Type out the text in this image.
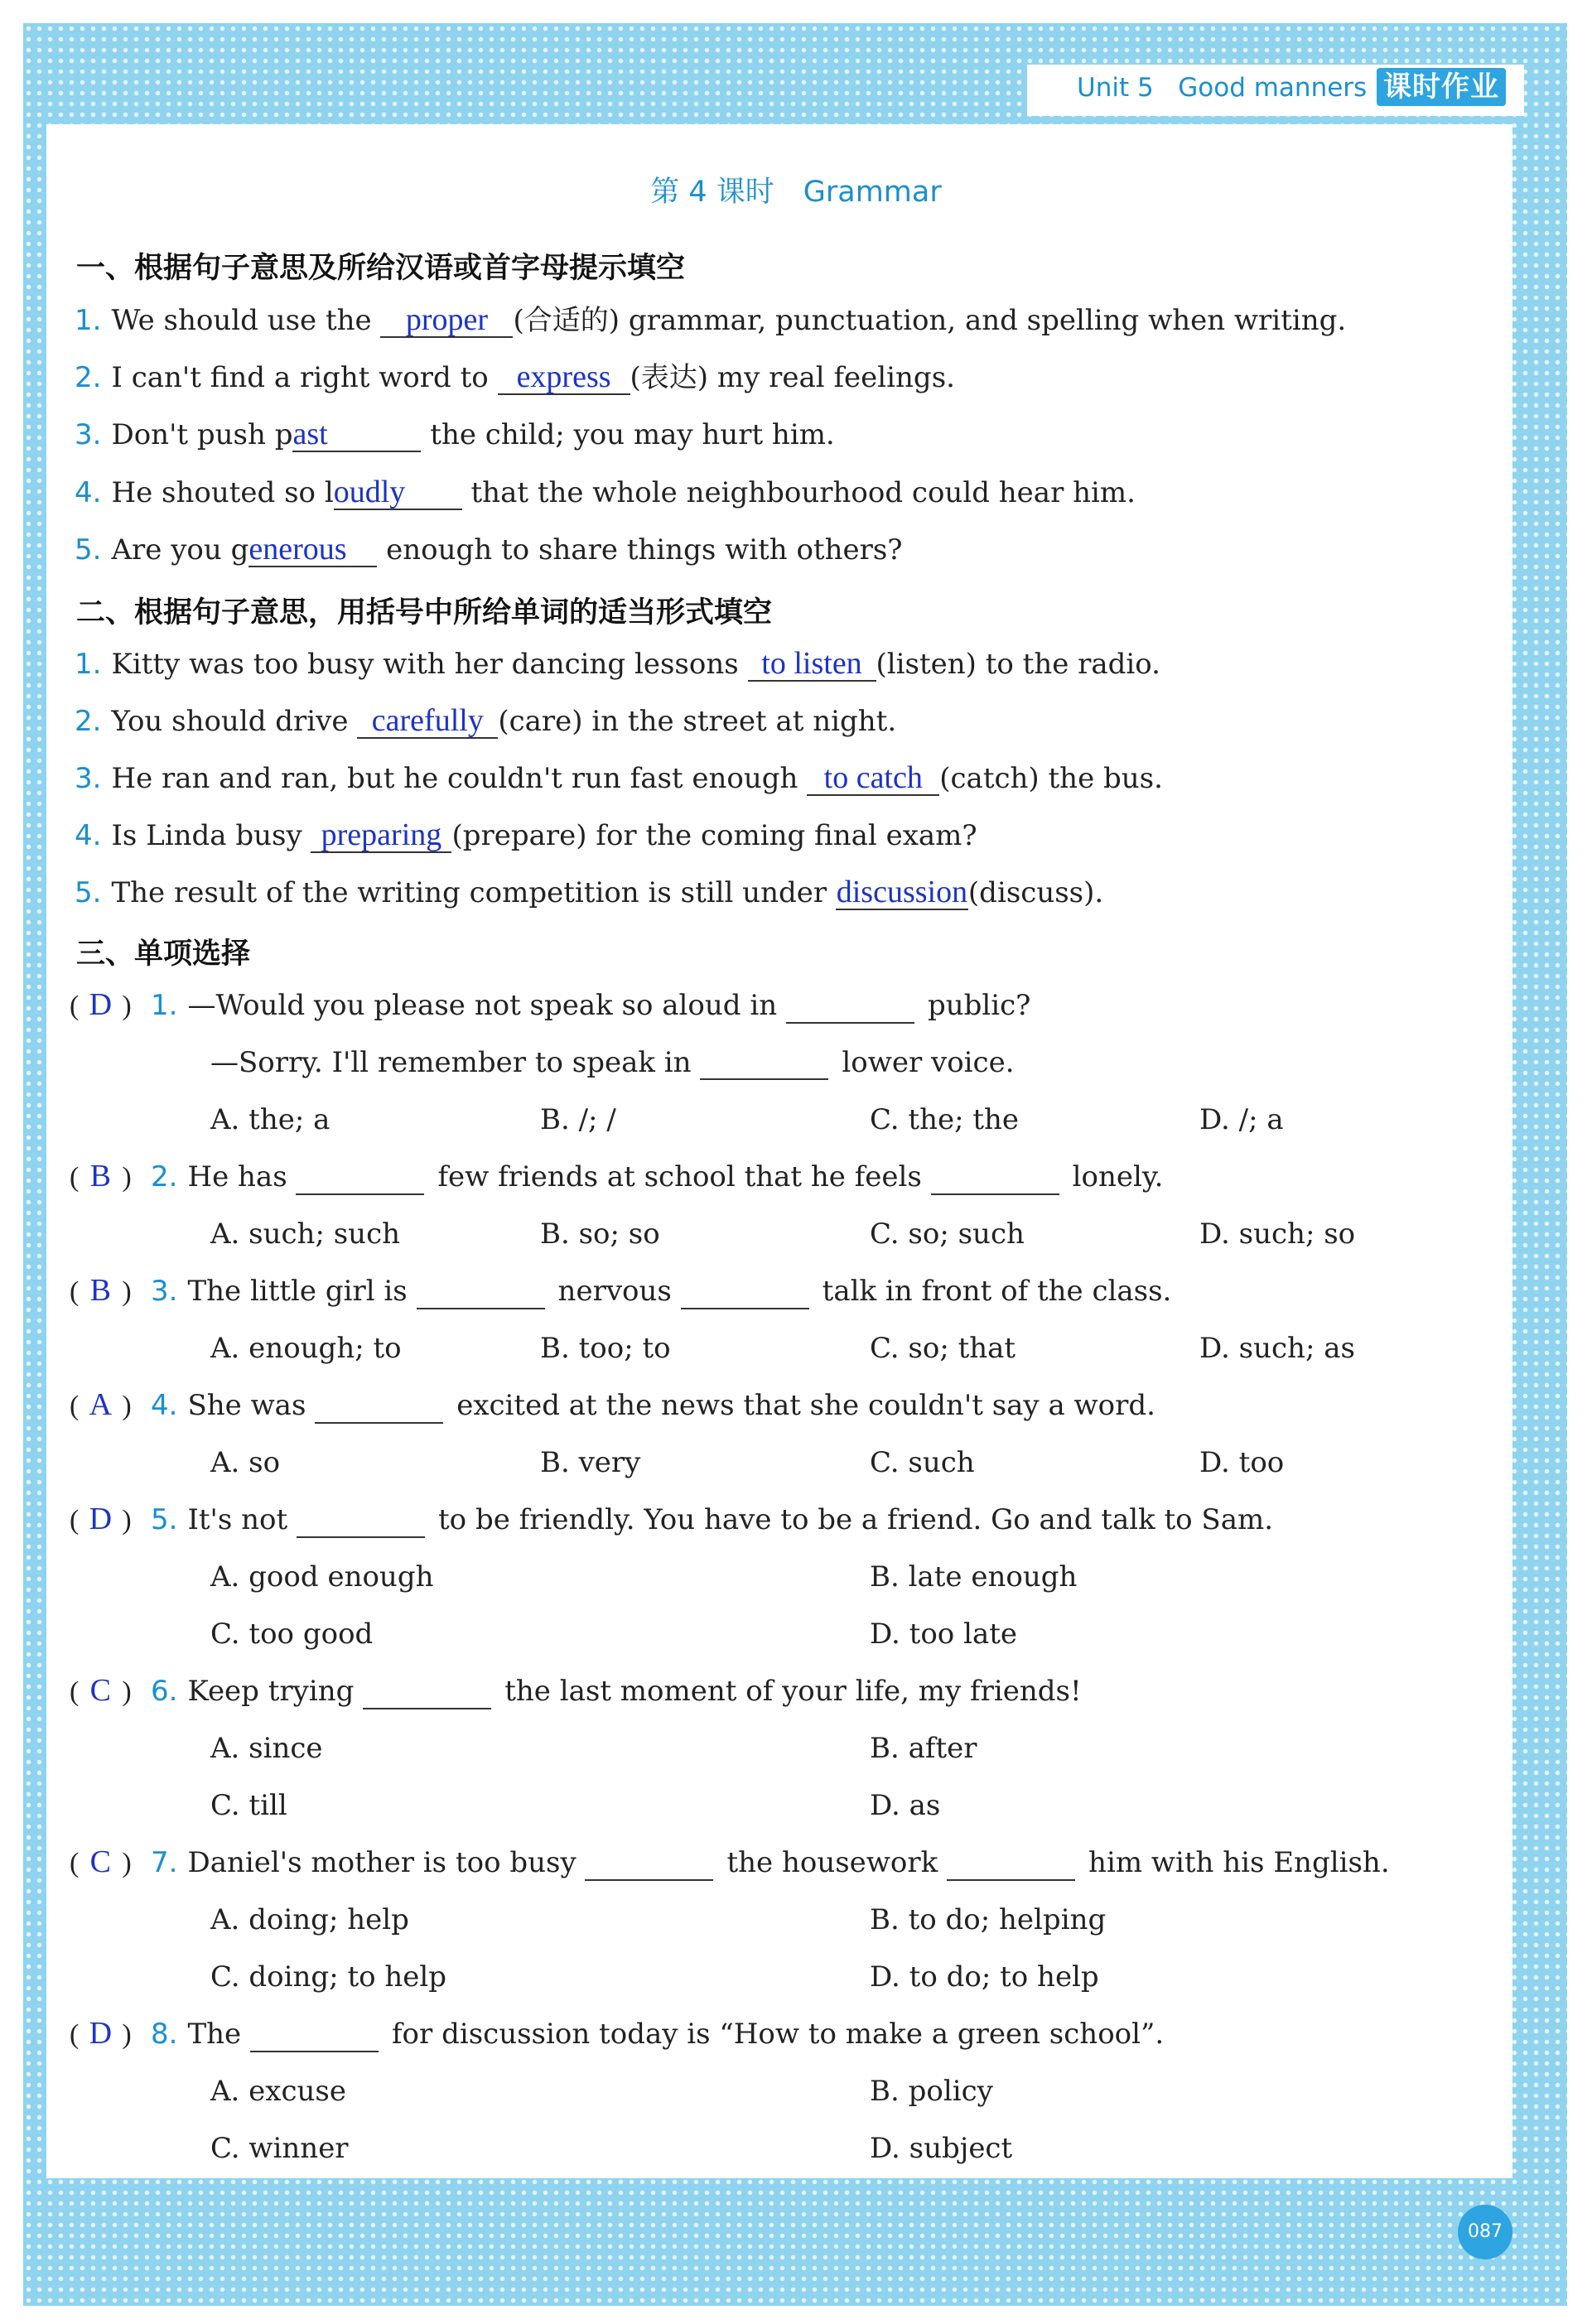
Unit 5 Good manners 课时作业
第 4 课时　Grammar
一、根据句子意思及所给汉语或首字母提示填空
1. We should use the proper (合适的) grammar, punctuation, and spelling when writing.
2. I can't find a right word to express (表达) my real feelings.
3. Don't push past	the child; you may hurt him.
4. He shouted so loudly that the whole neighbourhood could hear him.
5. Are you generous enough to share things with others?
二、根据句子意思，用括号中所给单词的适当形式填空
1. Kitty was too busy with her dancing lessons to listen (listen) to the radio.
2. You should drive carefully (care) in the street at night.
3. He ran and ran, but he couldn't run fast enough to catch (catch) the bus.
4. Is Linda busy preparing (prepare) for the coming final exam?
5. The result of the writing competition is still under discussion(discuss).
三、单项选择
( D ) 1. —Would you please not speak so aloud in	public?
—Sorry. I'll remember to speak in	lower voice.
A. the; a	B. /; /	C. the; the	D. /; a
( B ) 2. He has	few friends at school that he feels	lonely.
A. such; such	B. so; so	C. so; such	D. such; so
( B ) 3. The little girl is	nervous	talk in front of the class.
A. enough; to	B. too; to	C. so; that	D. such; as
( A ) 4. She was	excited at the news that she couldn't say a word.
A. so	B. very	C. such	D. too
( D ) 5. It's not	to be friendly. You have to be a friend. Go and talk to Sam.
A. good enough	B. late enough
C. too good	D. too late
( C ) 6. Keep trying	the last moment of your life, my friends!
A. since	B. after
C. till	D. as
( C ) 7. Daniel's mother is too busy	the housework	him with his English.
A. doing; help	B. to do; helping
C. doing; to help	D. to do; to help
( D ) 8. The	for discussion today is “How to make a green school”.
A. excuse	B. policy
C. winner	D. subject
087
